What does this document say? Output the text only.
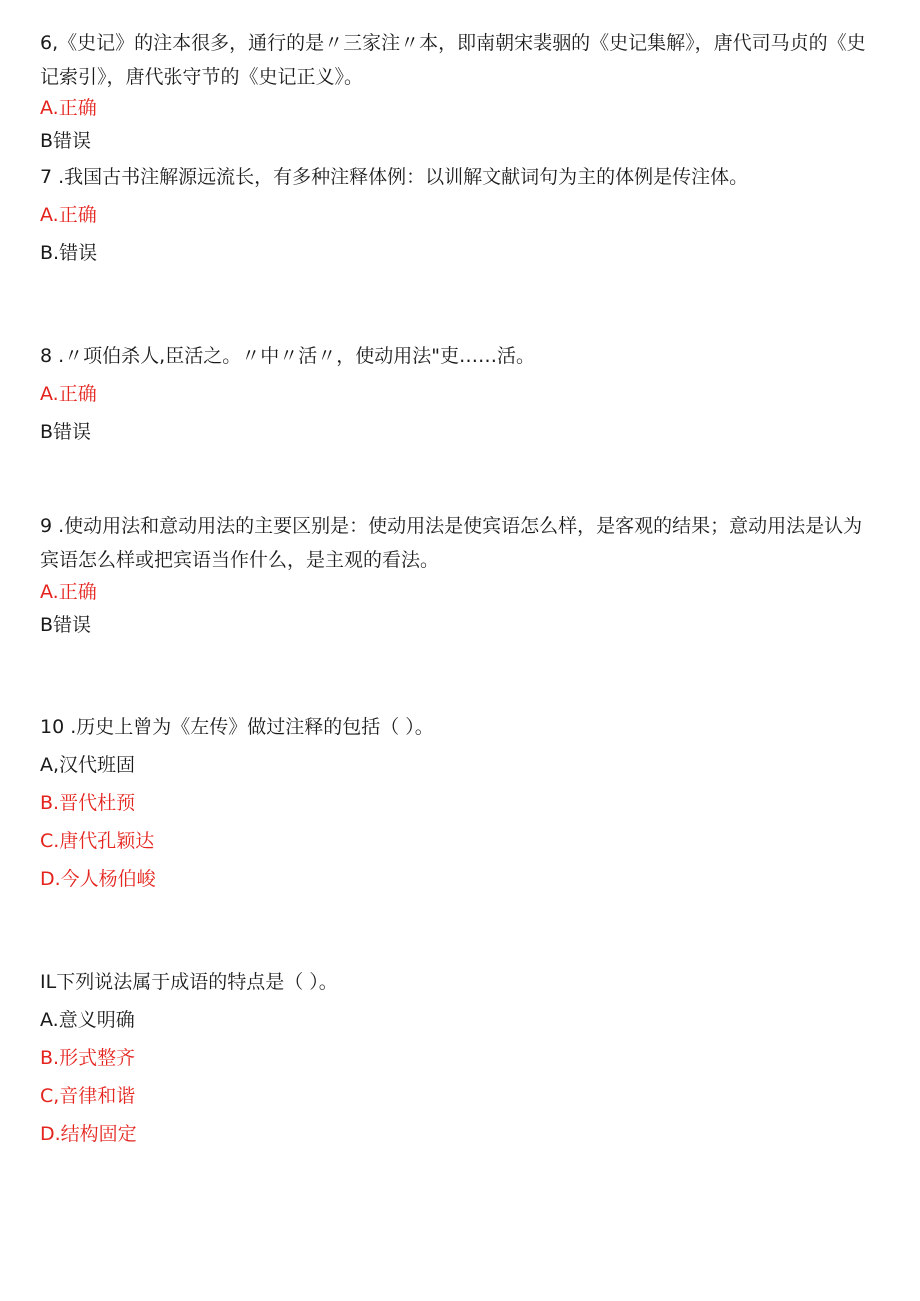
6,《史记》的注本很多，通行的是〃三家注〃本，即南朝宋裴骃的《史记集解》，唐代司马贞的《史记索引》，唐代张守节的《史记正义》。
A.正确
B错误
7 .我国古书注解源远流长，有多种注释体例：以训解文献词句为主的体例是传注体。
A.正确
B.错误
8 .〃项伯杀人,臣活之。〃中〃活〃，使动用法"吏……活。
A.正确
B错误
9 .使动用法和意动用法的主要区别是：使动用法是使宾语怎么样，是客观的结果；意动用法是认为宾语怎么样或把宾语当作什么，是主观的看法。
A.正确
B错误
10 .历史上曾为《左传》做过注释的包括（ ）。
A,汉代班固
B.晋代杜预
C.唐代孔颖达
D.今人杨伯峻
IL下列说法属于成语的特点是（ ）。
A.意义明确
B.形式整齐
C,音律和谐
D.结构固定
